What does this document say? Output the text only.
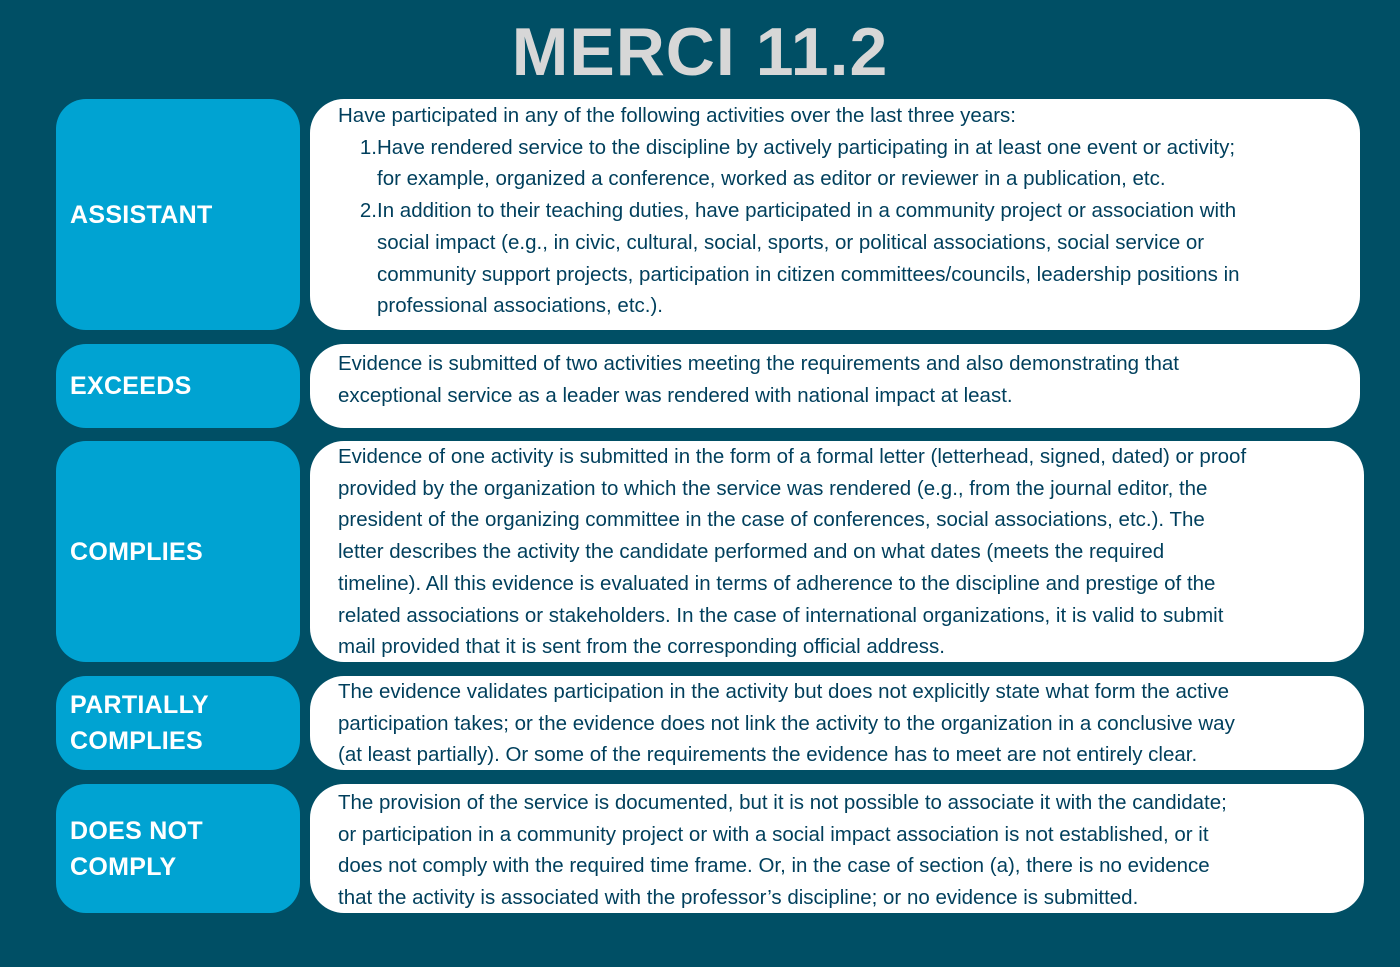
MERCI 11.2
ASSISTANT
Have participated in any of the following activities over the last three years:
1. Have rendered service to the discipline by actively participating in at least one event or activity;
for example, organized a conference, worked as editor or reviewer in a publication, etc.
2. In addition to their teaching duties, have participated in a community project or association with
social impact (e.g., in civic, cultural, social, sports, or political associations, social service or
community support projects, participation in citizen committees/councils, leadership positions in
professional associations, etc.).
EXCEEDS
Evidence is submitted of two activities meeting the requirements and also demonstrating that
exceptional service as a leader was rendered with national impact at least.
COMPLIES
Evidence of one activity is submitted in the form of a formal letter (letterhead, signed, dated) or proof
provided by the organization to which the service was rendered (e.g., from the journal editor, the
president of the organizing committee in the case of conferences, social associations, etc.). The
letter describes the activity the candidate performed and on what dates (meets the required
timeline). All this evidence is evaluated in terms of adherence to the discipline and prestige of the
related associations or stakeholders. In the case of international organizations, it is valid to submit
mail provided that it is sent from the corresponding official address.
PARTIALLY
COMPLIES
The evidence validates participation in the activity but does not explicitly state what form the active
participation takes; or the evidence does not link the activity to the organization in a conclusive way
(at least partially). Or some of the requirements the evidence has to meet are not entirely clear.
DOES NOT
COMPLY
The provision of the service is documented, but it is not possible to associate it with the candidate;
or participation in a community project or with a social impact association is not established, or it
does not comply with the required time frame. Or, in the case of section (a), there is no evidence
that the activity is associated with the professor’s discipline; or no evidence is submitted.
